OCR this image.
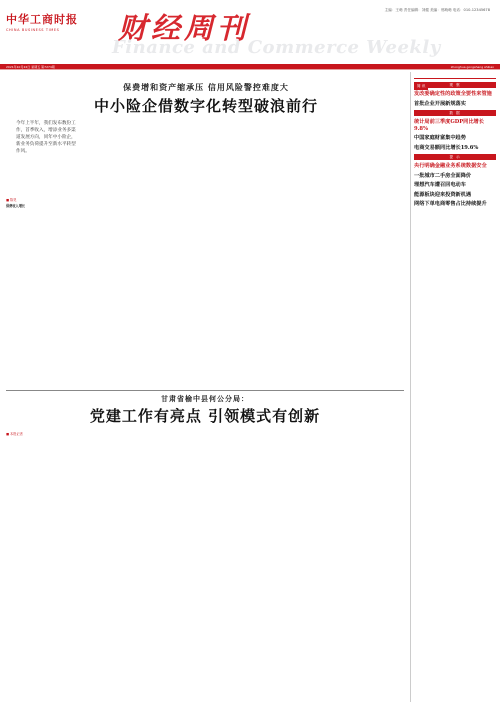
中华工商时报
CHINA BUSINESS TIMES
Finance and Commerce Weekly
财经周刊
主编：王萌 责任编辑：刘健 美编：邢萌萌 电话：010-12345678
2021年10月22日 星期五 第7274期	zhonghua gongshang shibao
保费增和资产缩承压 信用风险警控难度大
中小险企借数字化转型破浪前行
今年上半年，我们发布数份工作，首季收入，增添业务多渠道发展方向，同年中小险企，新业务负荷提升至新水平转型作风。
■ 陈昊
保费收入增长
甘肃省榆中县何公分局：
党建工作有亮点 引领模式有创新
■ 本报记者
简 讯	观 察
发改委确定性的政策全要性来管施
首批企业开展新规落实
数 据
统计局前三季度GDP同比增长9.8%
中国家庭财富集中趋势
电商交易额同比增长19.6%
提 示
央行明确金融业务系统数据安全
一批城市二手房全面降价
理想汽车遭召回电动车
能源板块迎来投资新机遇
网络下单电商零售占比持续提升
